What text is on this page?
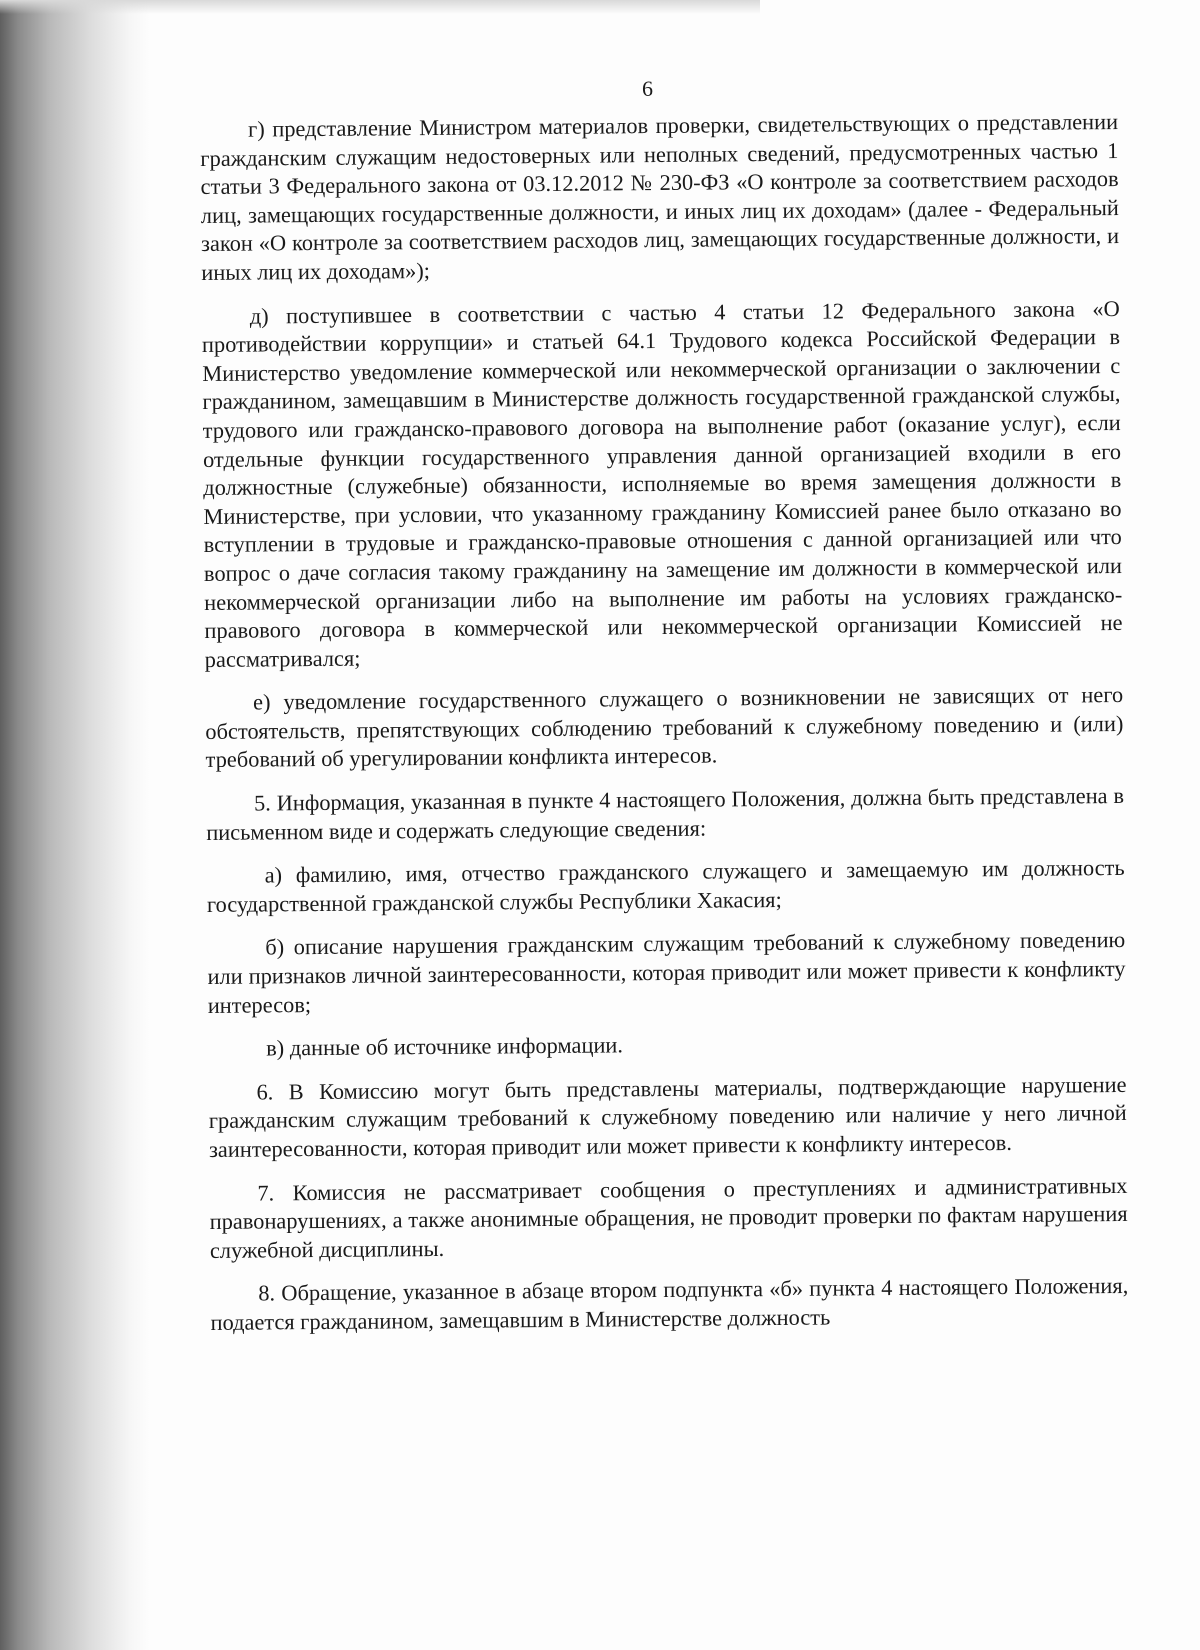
6

г) представление Министром материалов проверки, свидетельствующих о представлении гражданским служащим недостоверных или неполных сведений, предусмотренных частью 1 статьи 3 Федерального закона от 03.12.2012 № 230-ФЗ «О контроле за соответствием расходов лиц, замещающих государственные должности, и иных лиц их доходам» (далее - Федеральный закон «О контроле за соответствием расходов лиц, замещающих государственные должности, и иных лиц их доходам»);

д) поступившее в соответствии с частью 4 статьи 12 Федерального закона «О противодействии коррупции» и статьей 64.1 Трудового кодекса Российской Федерации в Министерство уведомление коммерческой или некоммерческой организации о заключении с гражданином, замещавшим в Министерстве должность государственной гражданской службы, трудового или гражданско-правового договора на выполнение работ (оказание услуг), если отдельные функции государственного управления данной организацией входили в его должностные (служебные) обязанности, исполняемые во время замещения должности в Министерстве, при условии, что указанному гражданину Комиссией ранее было отказано во вступлении в трудовые и гражданско-правовые отношения с данной организацией или что вопрос о даче согласия такому гражданину на замещение им должности в коммерческой или некоммерческой организации либо на выполнение им работы на условиях гражданско-правового договора в коммерческой или некоммерческой организации Комиссией не рассматривался;

е) уведомление государственного служащего о возникновении не зависящих от него обстоятельств, препятствующих соблюдению требований к служебному поведению и (или) требований об урегулировании конфликта интересов.

5. Информация, указанная в пункте 4 настоящего Положения, должна быть представлена в письменном виде и содержать следующие сведения:

а) фамилию, имя, отчество гражданского служащего и замещаемую им должность государственной гражданской службы Республики Хакасия;

б) описание нарушения гражданским служащим требований к служебному поведению или признаков личной заинтересованности, которая приводит или может привести к конфликту интересов;

в) данные об источнике информации.

6. В Комиссию могут быть представлены материалы, подтверждающие нарушение гражданским служащим требований к служебному поведению или наличие у него личной заинтересованности, которая приводит или может привести к конфликту интересов.

7. Комиссия не рассматривает сообщения о преступлениях и административных правонарушениях, а также анонимные обращения, не проводит проверки по фактам нарушения служебной дисциплины.

8. Обращение, указанное в абзаце втором подпункта «б» пункта 4 настоящего Положения, подается гражданином, замещавшим в Министерстве должность
